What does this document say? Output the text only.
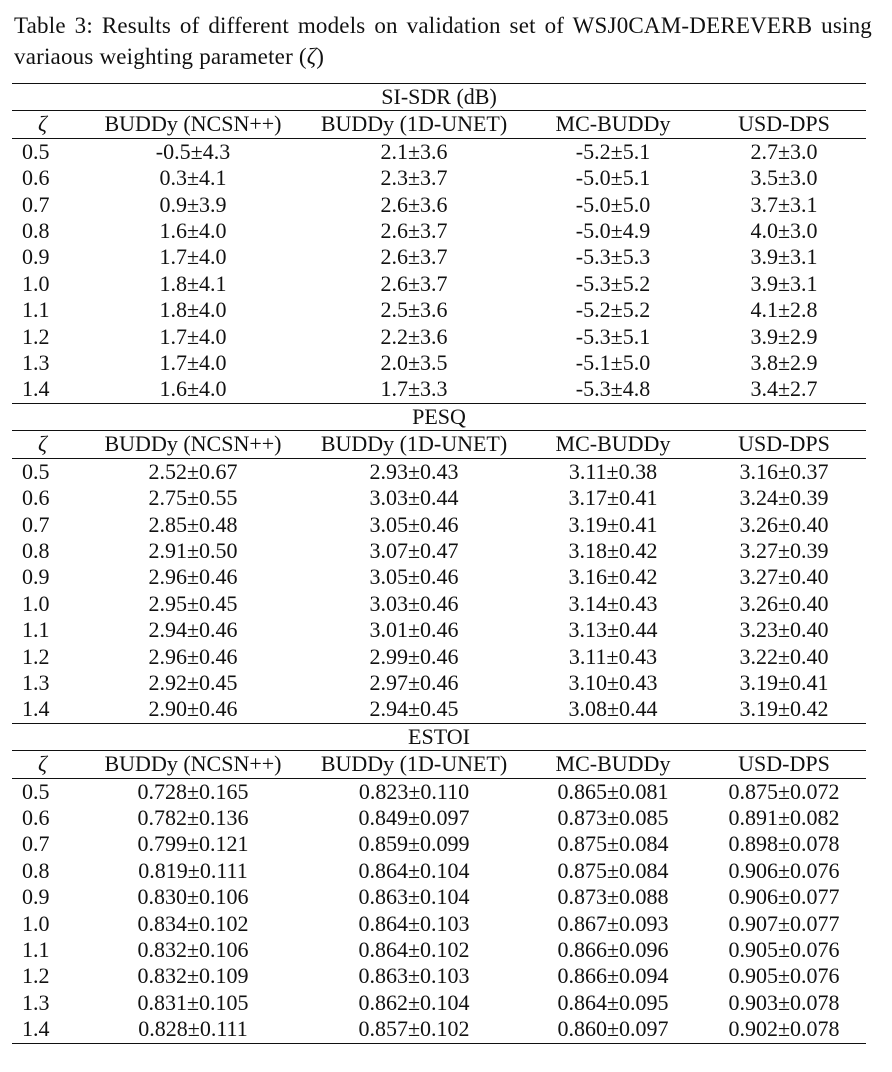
Table 3: Results of different models on validation set of WSJ0CAM-DEREVERB using variaous weighting parameter (ζ)
SI-SDR (dB)				
ζ	BUDDy (NCSN++)	BUDDy (1D-UNET)	MC-BUDDy	USD-DPS
0.5	-0.5±4.3	2.1±3.6	-5.2±5.1	2.7±3.0
0.6	0.3±4.1	2.3±3.7	-5.0±5.1	3.5±3.0
0.7	0.9±3.9	2.6±3.6	-5.0±5.0	3.7±3.1
0.8	1.6±4.0	2.6±3.7	-5.0±4.9	4.0±3.0
0.9	1.7±4.0	2.6±3.7	-5.3±5.3	3.9±3.1
1.0	1.8±4.1	2.6±3.7	-5.3±5.2	3.9±3.1
1.1	1.8±4.0	2.5±3.6	-5.2±5.2	4.1±2.8
1.2	1.7±4.0	2.2±3.6	-5.3±5.1	3.9±2.9
1.3	1.7±4.0	2.0±3.5	-5.1±5.0	3.8±2.9
1.4	1.6±4.0	1.7±3.3	-5.3±4.8	3.4±2.7
PESQ				
ζ	BUDDy (NCSN++)	BUDDy (1D-UNET)	MC-BUDDy	USD-DPS
0.5	2.52±0.67	2.93±0.43	3.11±0.38	3.16±0.37
0.6	2.75±0.55	3.03±0.44	3.17±0.41	3.24±0.39
0.7	2.85±0.48	3.05±0.46	3.19±0.41	3.26±0.40
0.8	2.91±0.50	3.07±0.47	3.18±0.42	3.27±0.39
0.9	2.96±0.46	3.05±0.46	3.16±0.42	3.27±0.40
1.0	2.95±0.45	3.03±0.46	3.14±0.43	3.26±0.40
1.1	2.94±0.46	3.01±0.46	3.13±0.44	3.23±0.40
1.2	2.96±0.46	2.99±0.46	3.11±0.43	3.22±0.40
1.3	2.92±0.45	2.97±0.46	3.10±0.43	3.19±0.41
1.4	2.90±0.46	2.94±0.45	3.08±0.44	3.19±0.42
ESTOI				
ζ	BUDDy (NCSN++)	BUDDy (1D-UNET)	MC-BUDDy	USD-DPS
0.5	0.728±0.165	0.823±0.110	0.865±0.081	0.875±0.072
0.6	0.782±0.136	0.849±0.097	0.873±0.085	0.891±0.082
0.7	0.799±0.121	0.859±0.099	0.875±0.084	0.898±0.078
0.8	0.819±0.111	0.864±0.104	0.875±0.084	0.906±0.076
0.9	0.830±0.106	0.863±0.104	0.873±0.088	0.906±0.077
1.0	0.834±0.102	0.864±0.103	0.867±0.093	0.907±0.077
1.1	0.832±0.106	0.864±0.102	0.866±0.096	0.905±0.076
1.2	0.832±0.109	0.863±0.103	0.866±0.094	0.905±0.076
1.3	0.831±0.105	0.862±0.104	0.864±0.095	0.903±0.078
1.4	0.828±0.111	0.857±0.102	0.860±0.097	0.902±0.078
